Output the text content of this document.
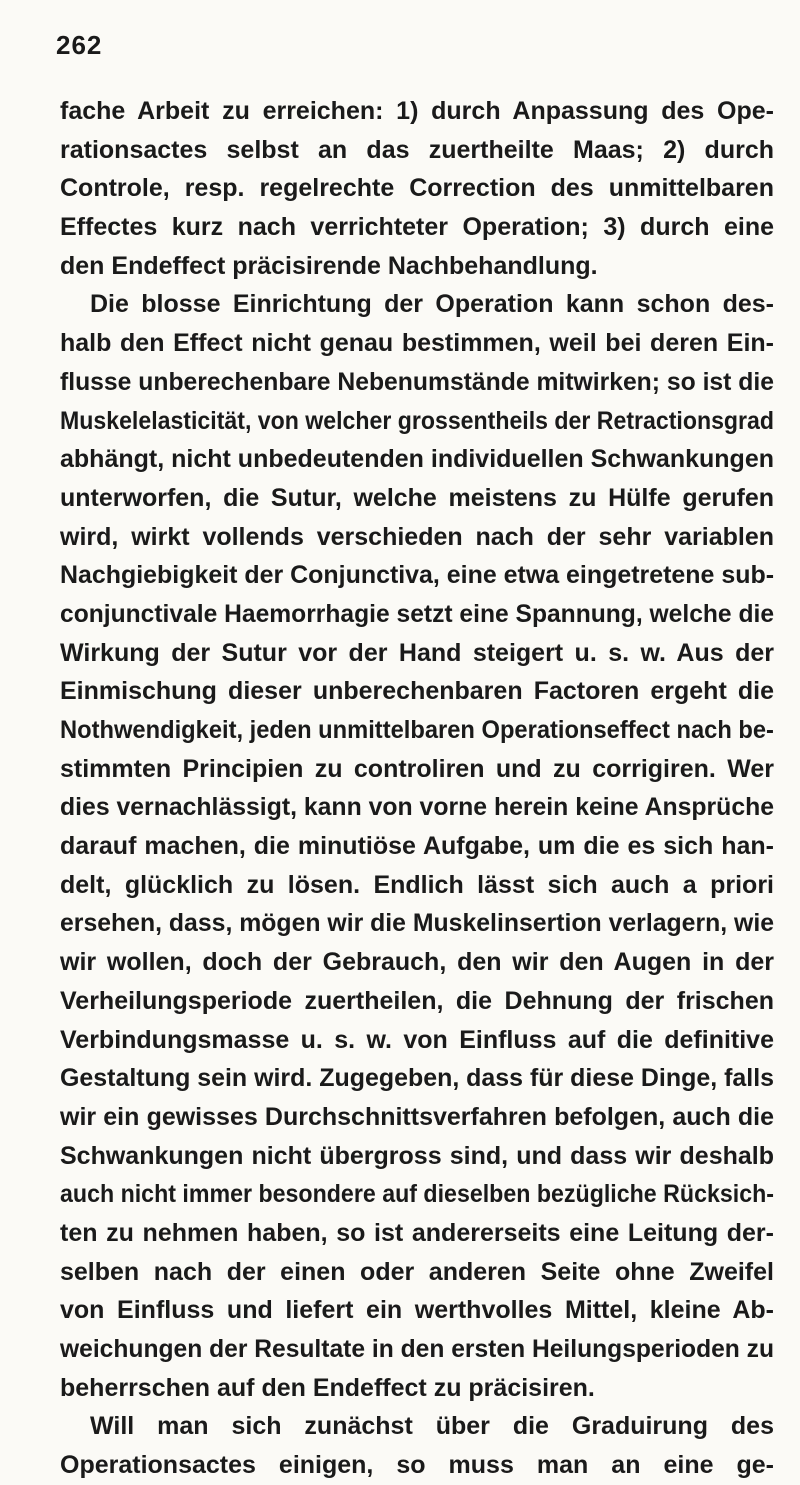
262
fache Arbeit zu erreichen: 1) durch Anpassung des Ope-
rationsactes selbst an das zuertheilte Maas; 2) durch
Controle, resp. regelrechte Correction des unmittelbaren
Effectes kurz nach verrichteter Operation; 3) durch eine
den Endeffect präcisirende Nachbehandlung.
Die blosse Einrichtung der Operation kann schon des-
halb den Effect nicht genau bestimmen, weil bei deren Ein-
flusse unberechenbare Nebenumstände mitwirken; so ist die
Muskelelasticität, von welcher grossentheils der Retractionsgrad
abhängt, nicht unbedeutenden individuellen Schwankungen
unterworfen, die Sutur, welche meistens zu Hülfe gerufen
wird, wirkt vollends verschieden nach der sehr variablen
Nachgiebigkeit der Conjunctiva, eine etwa eingetretene sub-
conjunctivale Haemorrhagie setzt eine Spannung, welche die
Wirkung der Sutur vor der Hand steigert u. s. w. Aus der
Einmischung dieser unberechenbaren Factoren ergeht die
Nothwendigkeit, jeden unmittelbaren Operationseffect nach be-
stimmten Principien zu controliren und zu corrigiren. Wer
dies vernachlässigt, kann von vorne herein keine Ansprüche
darauf machen, die minutiöse Aufgabe, um die es sich han-
delt, glücklich zu lösen. Endlich lässt sich auch a priori
ersehen, dass, mögen wir die Muskelinsertion verlagern, wie
wir wollen, doch der Gebrauch, den wir den Augen in der
Verheilungsperiode zuertheilen, die Dehnung der frischen
Verbindungsmasse u. s. w. von Einfluss auf die definitive
Gestaltung sein wird. Zugegeben, dass für diese Dinge, falls
wir ein gewisses Durchschnittsverfahren befolgen, auch die
Schwankungen nicht übergross sind, und dass wir deshalb
auch nicht immer besondere auf dieselben bezügliche Rücksich-
ten zu nehmen haben, so ist andererseits eine Leitung der-
selben nach der einen oder anderen Seite ohne Zweifel
von Einfluss und liefert ein werthvolles Mittel, kleine Ab-
weichungen der Resultate in den ersten Heilungsperioden zu
beherrschen auf den Endeffect zu präcisiren.
Will man sich zunächst über die Graduirung des
Operationsactes einigen, so muss man an eine ge-
